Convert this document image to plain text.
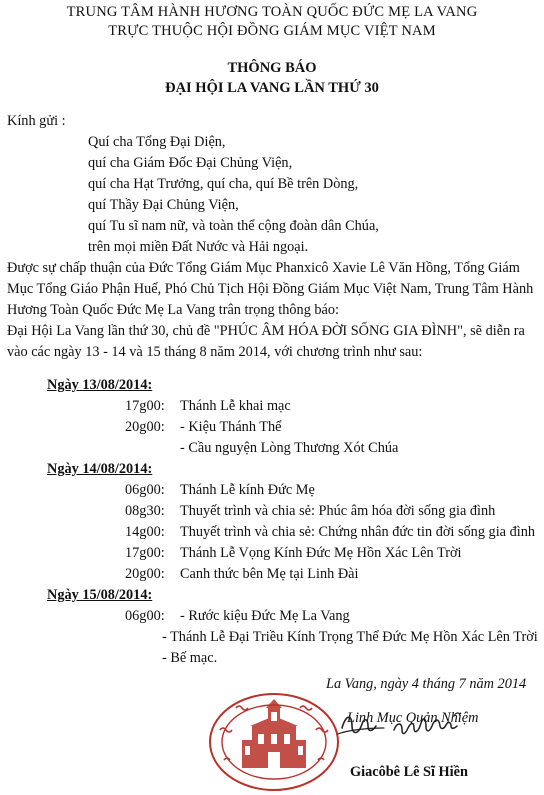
TRUNG TÂM HÀNH HƯƠNG TOÀN QUỐC ĐỨC MẸ LA VANG
TRỰC THUỘC HỘI ĐỒNG GIÁM MỤC VIỆT NAM
THÔNG BÁO
ĐẠI HỘI LA VANG LẦN THỨ 30
Kính gửi :
Quí cha Tổng Đại Diện,
quí cha Giám Đốc Đại Chủng Viện,
quí cha Hạt Trưởng, quí cha, quí Bề trên Dòng,
quí Thầy Đại Chủng Viện,
quí Tu sĩ nam nữ, và toàn thể cộng đoàn dân Chúa,
trên mọi miền Đất Nước và Hải ngoại.
Được sự chấp thuận của Đức Tổng Giám Mục Phanxicô Xavie Lê Văn Hồng, Tổng Giám
Mục Tổng Giáo Phận Huế, Phó Chủ Tịch Hội Đồng Giám Mục Việt Nam, Trung Tâm Hành
Hương Toàn Quốc Đức Mẹ La Vang trân trọng thông báo:
Đại Hội La Vang lần thứ 30, chủ đề "PHÚC ÂM HÓA ĐỜI SỐNG GIA ĐÌNH", sẽ diễn ra
vào các ngày 13 - 14 và 15 tháng 8 năm 2014, với chương trình như sau:
Ngày 13/08/2014:
17g00: Thánh Lễ khai mạc
20g00: - Kiệu Thánh Thể
- Cầu nguyện Lòng Thương Xót Chúa
Ngày 14/08/2014:
06g00: Thánh Lễ kính Đức Mẹ
08g30: Thuyết trình và chia sẻ: Phúc âm hóa đời sống gia đình
14g00: Thuyết trình và chia sẻ: Chứng nhân đức tin đời sống gia đình
17g00: Thánh Lễ Vọng Kính Đức Mẹ Hồn Xác Lên Trời
20g00: Canh thức bên Mẹ tại Linh Đài
Ngày 15/08/2014:
06g00: - Rước kiệu Đức Mẹ La Vang
- Thánh Lễ Đại Triều Kính Trọng Thể Đức Mẹ Hồn Xác Lên Trời
- Bế mạc.
La Vang, ngày 4 tháng 7 năm 2014
Linh Mục Quản Nhiệm
Giacôbê Lê Sĩ Hiền
